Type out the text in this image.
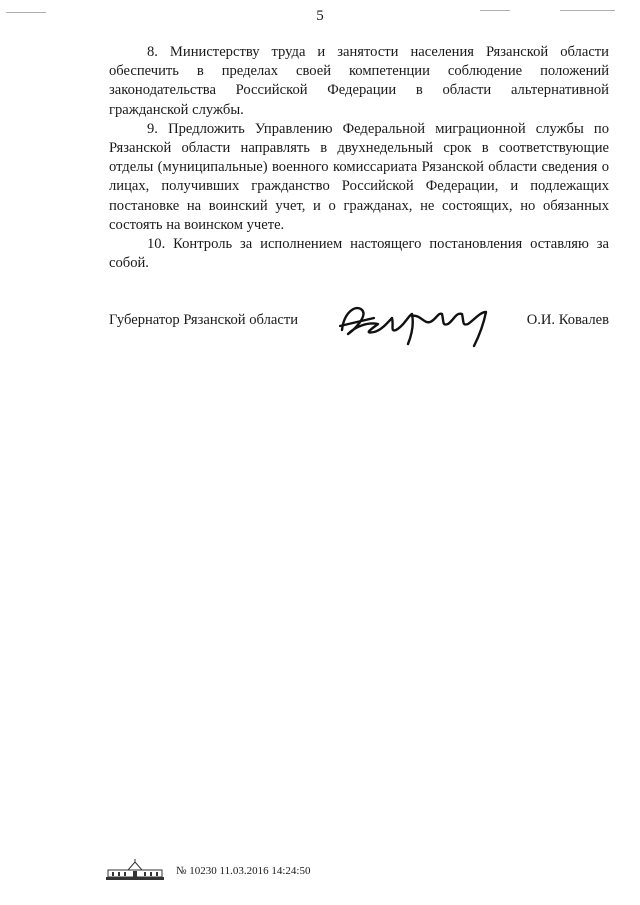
5

8. Министерству труда и занятости населения Рязанской области обеспечить в пределах своей компетенции соблюдение положений законодательства Российской Федерации в области альтернативной гражданской службы.

9. Предложить Управлению Федеральной миграционной службы по Рязанской области направлять в двухнедельный срок в соответствующие отделы (муниципальные) военного комиссариата Рязанской области сведения о лицах, получивших гражданство Российской Федерации, и подлежащих постановке на воинский учет, и о гражданах, не состоящих, но обязанных состоять на воинском учете.

10. Контроль за исполнением настоящего постановления оставляю за собой.

Губернатор Рязанской области	О.И. Ковалев
№ 10230 11.03.2016 14:24:50
